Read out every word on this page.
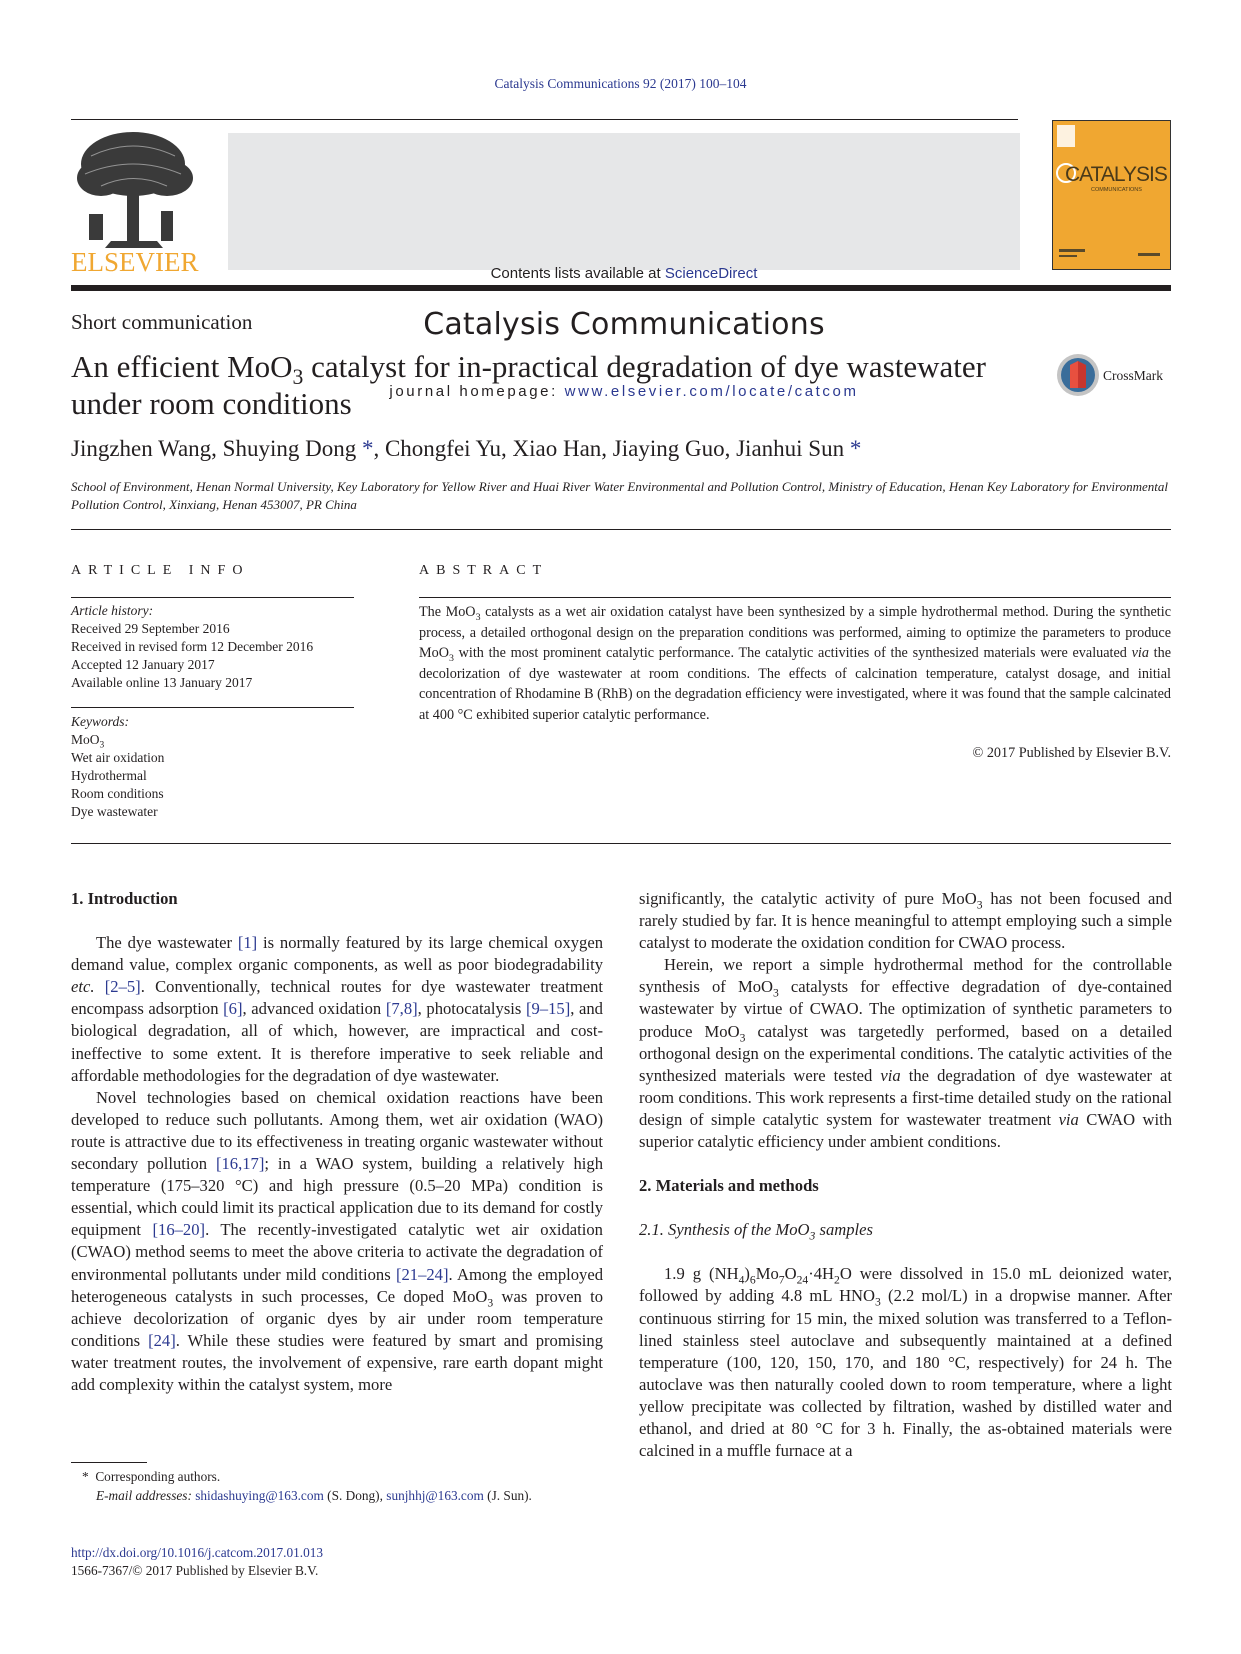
Catalysis Communications 92 (2017) 100–104
ELSEVIER	Contents lists available at ScienceDirect
Catalysis Communications
journal homepage: www.elsevier.com/locate/catcom
CATALYSIS
COMMUNICATIONS
Short communication
An efficient MoO$_3$ catalyst for in-practical degradation of dye wastewater under room conditions
CrossMark
Jingzhen Wang, Shuying Dong *, Chongfei Yu, Xiao Han, Jiaying Guo, Jianhui Sun *
School of Environment, Henan Normal University, Key Laboratory for Yellow River and Huai River Water Environmental and Pollution Control, Ministry of Education, Henan Key Laboratory for Environmental Pollution Control, Xinxiang, Henan 453007, PR China
ARTICLE INFO	ABSTRACT
Article history:
Received 29 September 2016
Received in revised form 12 December 2016
Accepted 12 January 2017
Available online 13 January 2017
Keywords:
MoO$_3$
Wet air oxidation
Hydrothermal
Room conditions
Dye wastewater
The MoO$_3$ catalysts as a wet air oxidation catalyst have been synthesized by a simple hydrothermal method. During the synthetic process, a detailed orthogonal design on the preparation conditions was performed, aiming to optimize the parameters to produce MoO$_3$ with the most prominent catalytic performance. The catalytic activities of the synthesized materials were evaluated via the decolorization of dye wastewater at room conditions. The effects of calcination temperature, catalyst dosage, and initial concentration of Rhodamine B (RhB) on the degradation efficiency were investigated, where it was found that the sample calcinated at 400 °C exhibited superior catalytic performance.
© 2017 Published by Elsevier B.V.

1. Introduction

The dye wastewater [1] is normally featured by its large chemical oxygen demand value, complex organic components, as well as poor biodegradability etc. [2–5]. Conventionally, technical routes for dye wastewater treatment encompass adsorption [6], advanced oxidation [7,8], photocatalysis [9–15], and biological degradation, all of which, however, are impractical and cost-ineffective to some extent. It is therefore imperative to seek reliable and affordable methodologies for the degradation of dye wastewater.

Novel technologies based on chemical oxidation reactions have been developed to reduce such pollutants. Among them, wet air oxidation (WAO) route is attractive due to its effectiveness in treating organic wastewater without secondary pollution [16,17]; in a WAO system, building a relatively high temperature (175–320 °C) and high pressure (0.5–20 MPa) condition is essential, which could limit its practical application due to its demand for costly equipment [16–20]. The recently-investigated catalytic wet air oxidation (CWAO) method seems to meet the above criteria to activate the degradation of environmental pollutants under mild conditions [21–24]. Among the employed heterogeneous catalysts in such processes, Ce doped MoO$_3$ was proven to achieve decolorization of organic dyes by air under room temperature conditions [24]. While these studies were featured by smart and promising water treatment routes, the involvement of expensive, rare earth dopant might add complexity within the catalyst system, more

significantly, the catalytic activity of pure MoO$_3$ has not been focused and rarely studied by far. It is hence meaningful to attempt employing such a simple catalyst to moderate the oxidation condition for CWAO process.

Herein, we report a simple hydrothermal method for the controllable synthesis of MoO$_3$ catalysts for effective degradation of dye-contained wastewater by virtue of CWAO. The optimization of synthetic parameters to produce MoO$_3$ catalyst was targetedly performed, based on a detailed orthogonal design on the experimental conditions. The catalytic activities of the synthesized materials were tested via the degradation of dye wastewater at room conditions. This work represents a first-time detailed study on the rational design of simple catalytic system for wastewater treatment via CWAO with superior catalytic efficiency under ambient conditions.

2. Materials and methods

2.1. Synthesis of the MoO$_3$ samples

1.9 g $(NH_4)_6Mo_7O_{24}\cdot 4H_2O$ were dissolved in 15.0 mL deionized water, followed by adding 4.8 mL $HNO_3$ (2.2 mol/L) in a dropwise manner. After continuous stirring for 15 min, the mixed solution was transferred to a Teflon-lined stainless steel autoclave and subsequently maintained at a defined temperature (100, 120, 150, 170, and 180 °C, respectively) for 24 h. The autoclave was then naturally cooled down to room temperature, where a light yellow precipitate was collected by filtration, washed by distilled water and ethanol, and dried at 80 °C for 3 h. Finally, the as-obtained materials were calcined in a muffle furnace at a

* Corresponding authors.
E-mail addresses: shidashuying@163.com (S. Dong), sunjhhj@163.com (J. Sun).
http://dx.doi.org/10.1016/j.catcom.2017.01.013
1566-7367/© 2017 Published by Elsevier B.V.
